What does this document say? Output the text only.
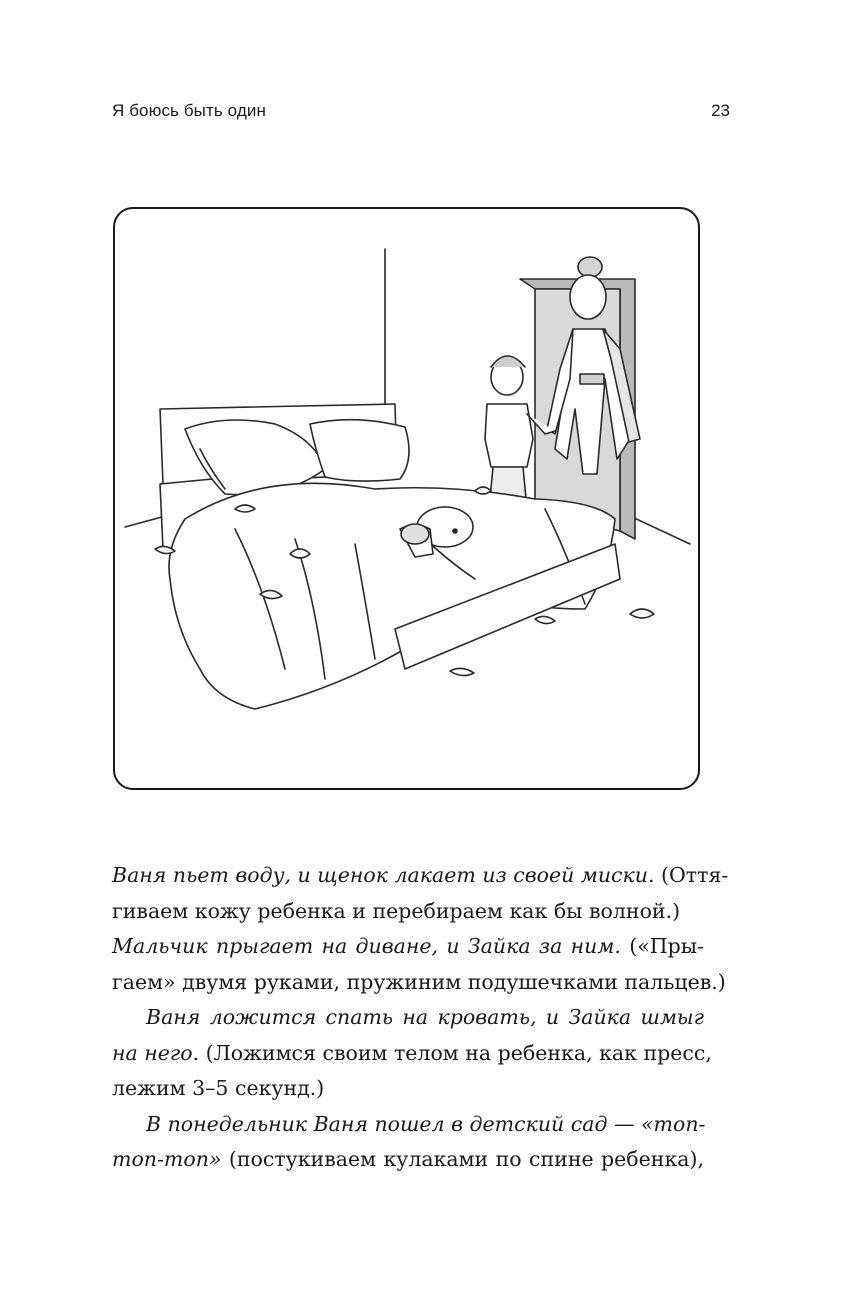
Я боюсь быть один	23

Ваня пьет воду, и щенок лакает из своей миски. (Оття-
гиваем кожу ребенка и перебираем как бы волной.)

Мальчик прыгает на диване, и Зайка за ним. («Пры-
гаем» двумя руками, пружиним подушечками пальцев.)

Ваня ложится спать на кровать, и Зайка шмыг
на него. (Ложимся своим телом на ребенка, как пресс,
лежим 3–5 секунд.)

В понедельник Ваня пошел в детский сад — «топ-
топ-топ» (постукиваем кулаками по спине ребенка),
